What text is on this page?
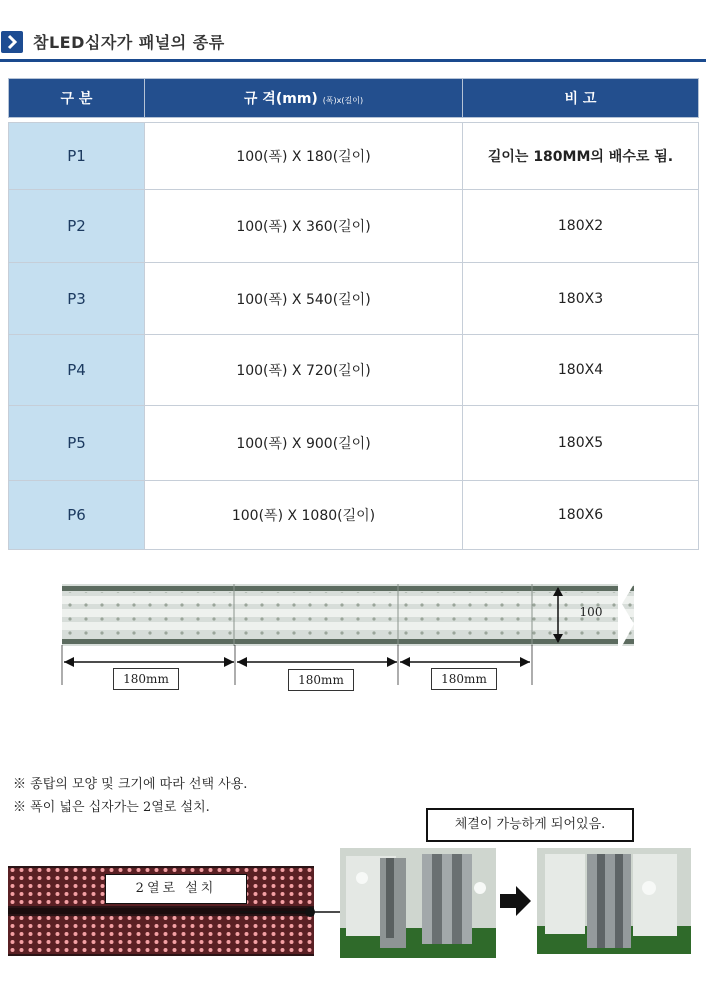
참LED십자가 패널의 종류
구 분	규 격(mm) (폭)x(길이)	비 고

P1	100(폭) X 180(길이)	길이는 180MM의 배수로 됨.
P2	100(폭) X 360(길이)	180X2
P3	100(폭) X 540(길이)	180X3
P4	100(폭) X 720(길이)	180X4
P5	100(폭) X 900(길이)	180X5
P6	100(폭) X 1080(길이)	180X6
100
180mm	180mm	180mm
※ 종탑의 모양 및 크기에 따라 선택 사용.
※ 폭이 넓은 십자가는 2열로 설치.
체결이 가능하게 되어있음.
2열로 설치
